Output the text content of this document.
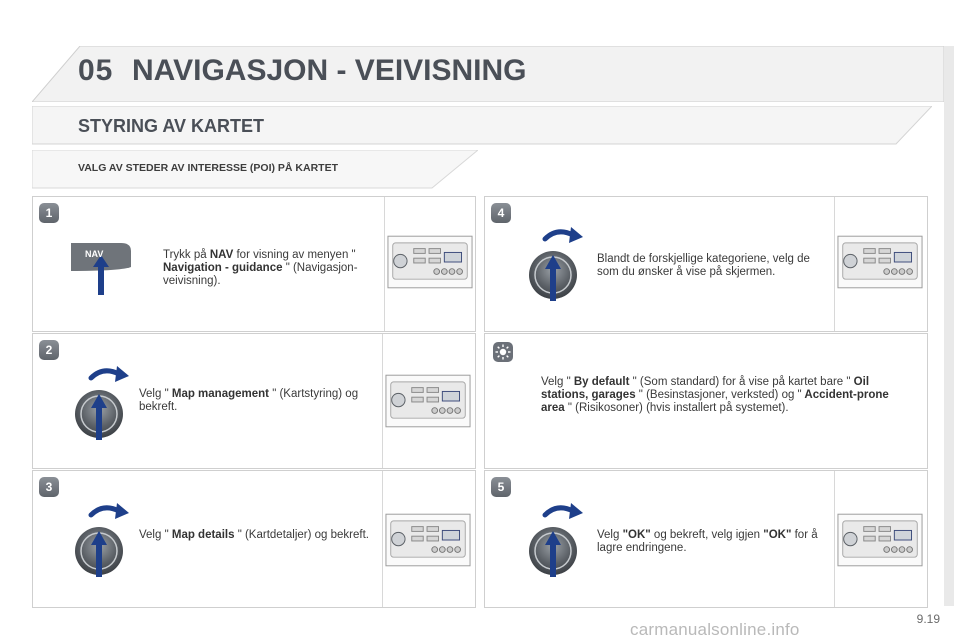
05 NAVIGASJON - VEIVISNING
STYRING AV KARTET
VALG AV STEDER AV INTERESSE (POI) PÅ KARTET
1
NAV	Trykk på NAV for visning av menyen " Navigation - guidance " (Navigasjon-veivisning).
2
Velg " Map management " (Kartstyring) og bekreft.
3
Velg " Map details " (Kartdetaljer) og bekreft.
4
Blandt de forskjellige kategoriene, velg de som du ønsker å vise på skjermen.
Velg " By default " (Som standard) for å vise på kartet bare " Oil stations, garages " (Besinstasjoner, verksted) og " Accident-prone area " (Risikosoner) (hvis installert på systemet).
5
Velg "OK" og bekreft, velg igjen "OK" for å lagre endringene.
9.19
carmanualsonline.info
